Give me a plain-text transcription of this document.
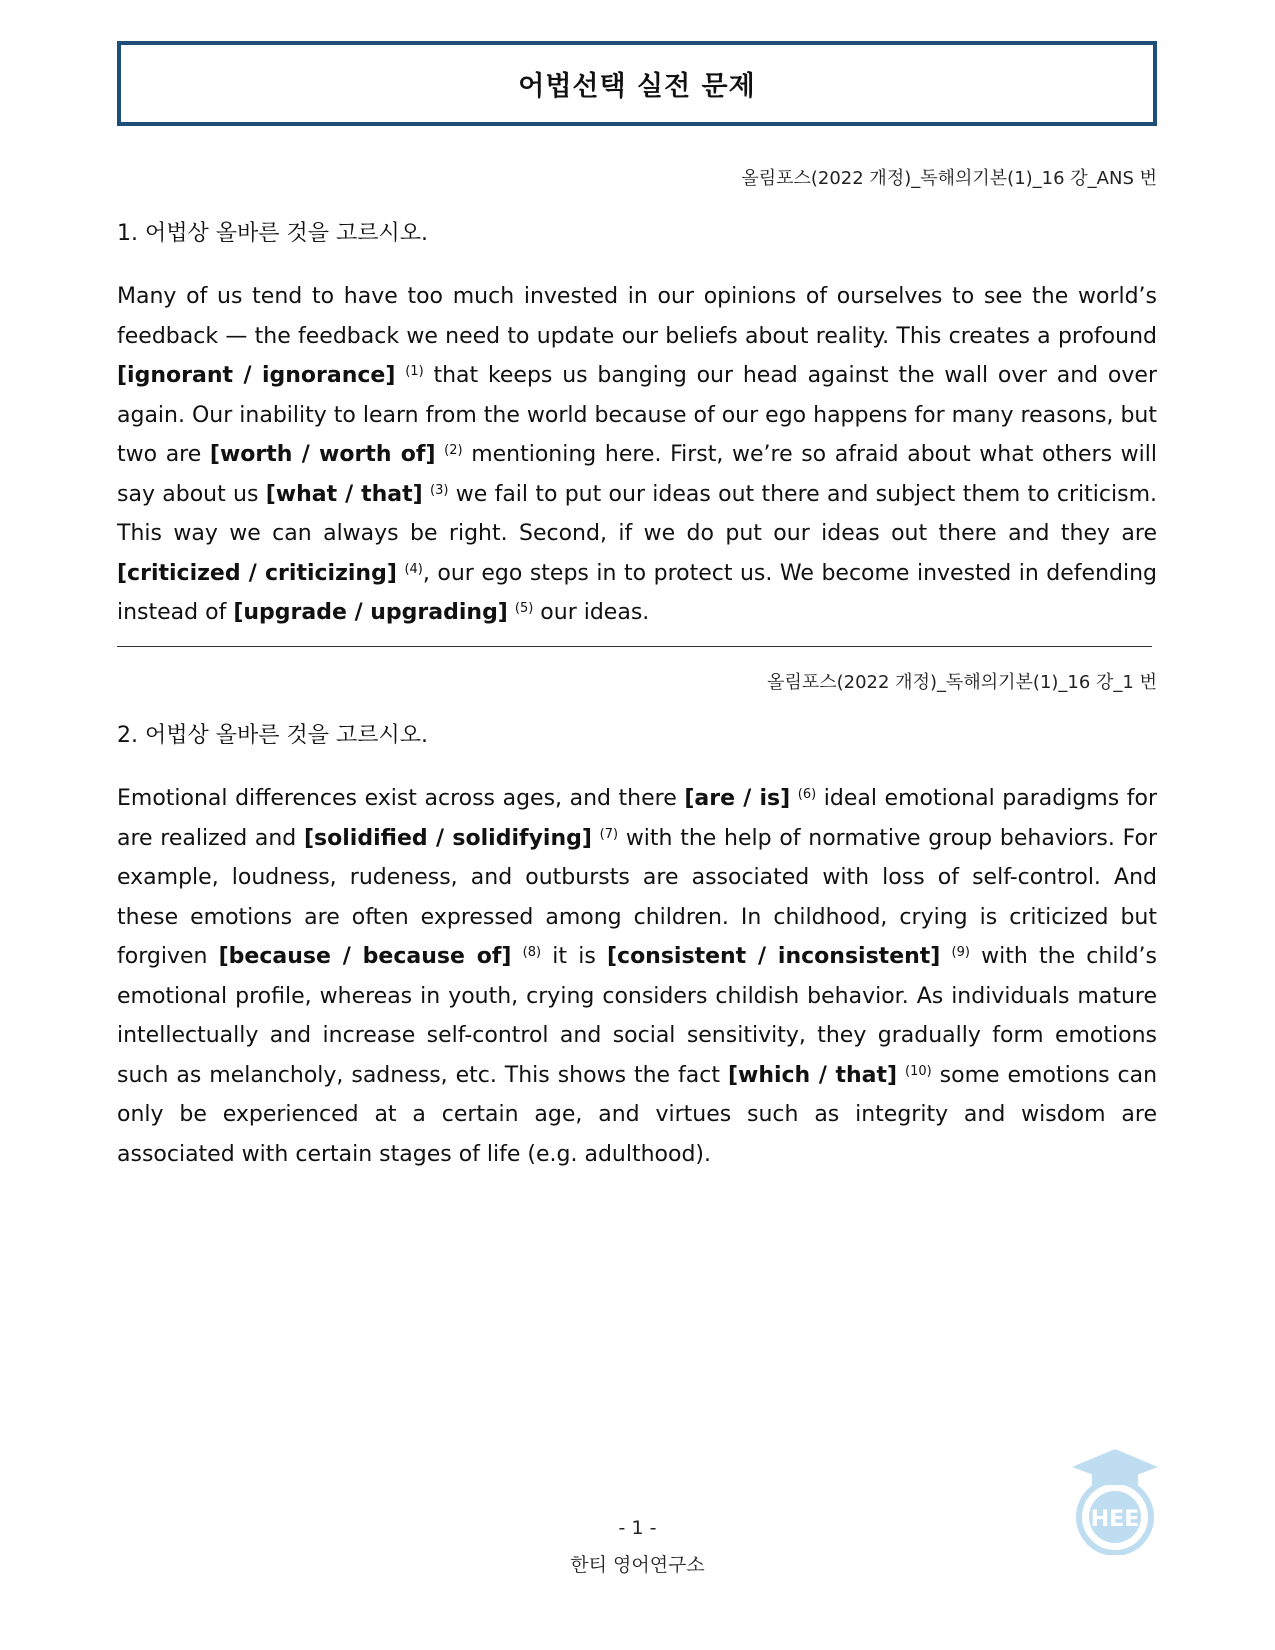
어법선택 실전 문제
올림포스(2022 개정)_독해의기본(1)_16 강_ANS 번
1. 어법상 올바른 것을 고르시오.

Many of us tend to have too much invested in our opinions of ourselves to see the world’s feedback — the feedback we need to update our beliefs about reality. This creates a profound [ignorant / ignorance] $^{(1)}$ that keeps us banging our head against the wall over and over again. Our inability to learn from the world because of our ego happens for many reasons, but two are [worth / worth of] $^{(2)}$ mentioning here. First, we’re so afraid about what others will say about us [what / that] $^{(3)}$ we fail to put our ideas out there and subject them to criticism. This way we can always be right. Second, if we do put our ideas out there and they are [criticized / criticizing] $^{(4)}$, our ego steps in to protect us. We become invested in defending instead of [upgrade / upgrading] $^{(5)}$ our ideas.

올림포스(2022 개정)_독해의기본(1)_16 강_1 번
2. 어법상 올바른 것을 고르시오.

Emotional differences exist across ages, and there [are / is] $^{(6)}$ ideal emotional paradigms for are realized and [solidified / solidifying] $^{(7)}$ with the help of normative group behaviors. For example, loudness, rudeness, and outbursts are associated with loss of self-control. And these emotions are often expressed among children. In childhood, crying is criticized but forgiven [because / because of] $^{(8)}$ it is [consistent / inconsistent] $^{(9)}$ with the child’s emotional profile, whereas in youth, crying considers childish behavior. As individuals mature intellectually and increase self-control and social sensitivity, they gradually form emotions such as melancholy, sadness, etc. This shows the fact [which / that] $^{(10)}$ some emotions can only be experienced at a certain age, and virtues such as integrity and wisdom are associated with certain stages of life (e.g. adulthood).

HEE
- 1 -
한티 영어연구소
